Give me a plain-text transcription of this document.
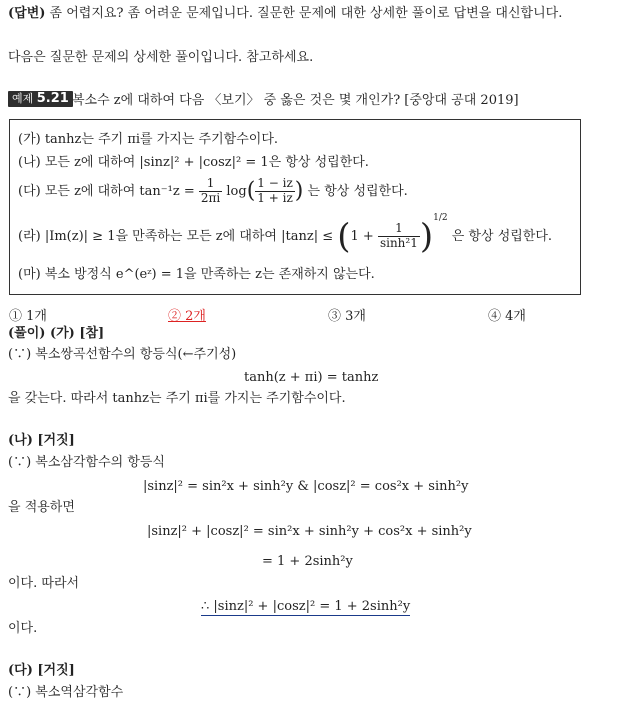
(답변) 좀 어렵지요? 좀 어려운 문제입니다. 질문한 문제에 대한 상세한 풀이로 답변을 대신합니다.
다음은 질문한 문제의 상세한 풀이입니다. 참고하세요.
예제 5.21 복소수 z에 대하여 다음 〈보기〉 중 옳은 것은 몇 개인가? [중앙대 공대 2019]
(가) tanhz는 주기 πi를 가지는 주기함수이다.
(나) 모든 z에 대하여 |sinz|² + |cosz|² = 1은 항상 성립한다.
(다) 모든 z에 대하여 $\tan^{-1}z = \frac{1}{2\pi i} \log( \frac{1 - iz}{1 + iz}$ ) 는 항상 성립한다.
(라) |Im(z)| ≥ 1을 만족하는 모든 z에 대하여 $|\tan z| \le (1 + \frac{1}{\text{sinh²1}} )^{1/2}$ 은 항상 성립한다.
(마) 복소 방정식 e^(eᶻ) = 1을 만족하는 z는 존재하지 않는다.
① 1개	② 2개	③ 3개	④ 4개
(풀이) (가) [참]
(∵) 복소쌍곡선함수의 항등식(←주기성)
tanh(z + πi) = tanhz
을 갖는다. 따라서 tanhz는 주기 πi를 가지는 주기함수이다.
(나) [거짓]
(∵) 복소삼각함수의 항등식
|sinz|² = sin²x + sinh²y & |cosz|² = cos²x + sinh²y
을 적용하면
|sinz|² + |cosz|² = sin²x + sinh²y + cos²x + sinh²y
= 1 + 2sinh²y
이다. 따라서
∴ |sinz|² + |cosz|² = 1 + 2sinh²y
이다.
(다) [거짓]
(∵) 복소역삼각함수
